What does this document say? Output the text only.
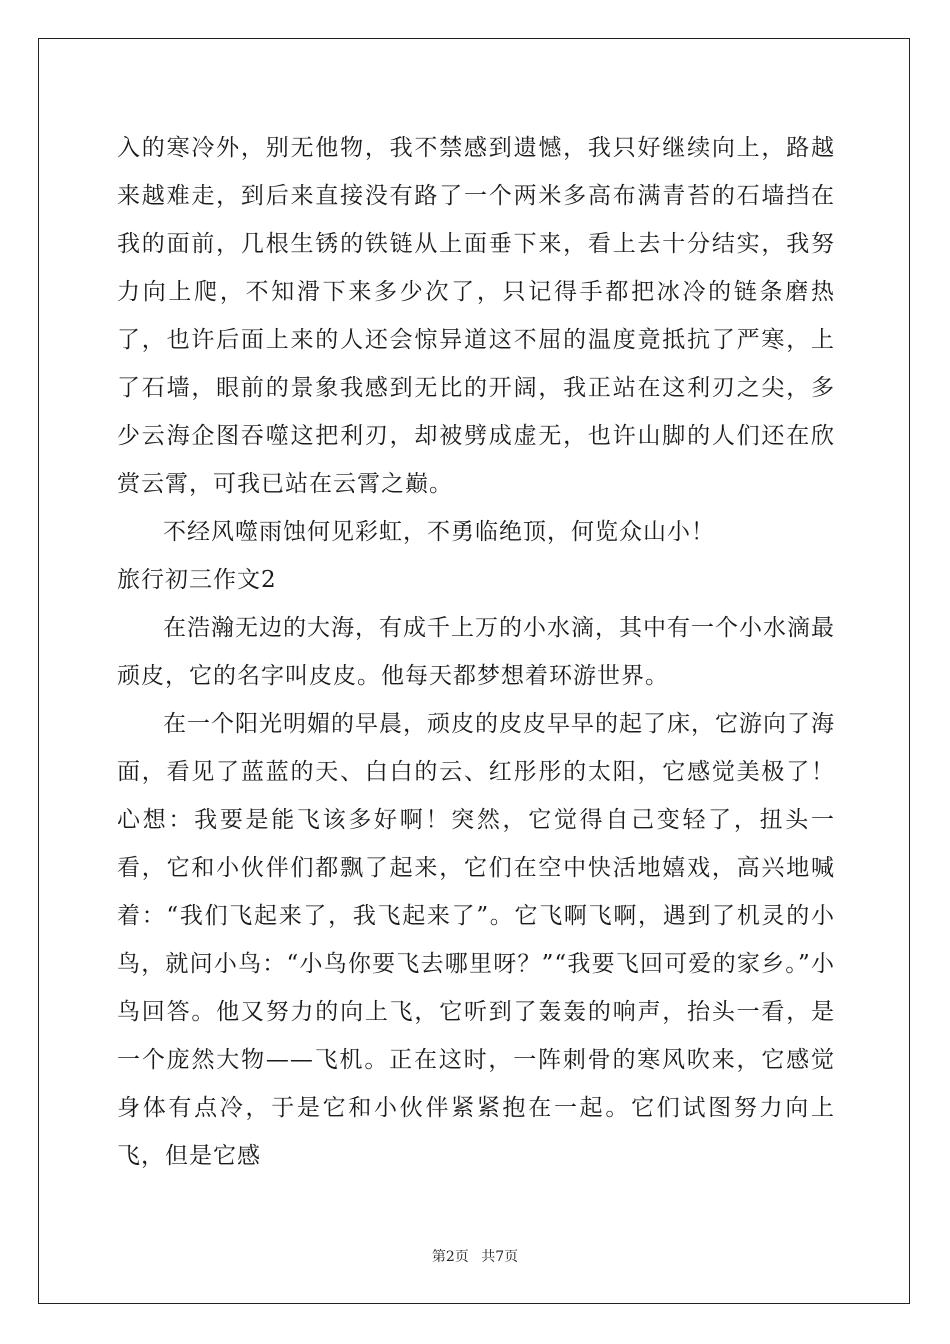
入的寒冷外，别无他物，我不禁感到遗憾，我只好继续向上，路越来越难走，到后来直接没有路了一个两米多高布满青苔的石墙挡在我的面前，几根生锈的铁链从上面垂下来，看上去十分结实，我努力向上爬，不知滑下来多少次了，只记得手都把冰冷的链条磨热了，也许后面上来的人还会惊异道这不屈的温度竟抵抗了严寒，上了石墙，眼前的景象我感到无比的开阔，我正站在这利刃之尖，多少云海企图吞噬这把利刃，却被劈成虚无，也许山脚的人们还在欣赏云霄，可我已站在云霄之巅。

不经风噬雨蚀何见彩虹，不勇临绝顶，何览众山小！

旅行初三作文2

在浩瀚无边的大海，有成千上万的小水滴，其中有一个小水滴最顽皮，它的名字叫皮皮。他每天都梦想着环游世界。

在一个阳光明媚的早晨，顽皮的皮皮早早的起了床，它游向了海面，看见了蓝蓝的天、白白的云、红彤彤的太阳，它感觉美极了！心想：我要是能飞该多好啊！突然，它觉得自己变轻了，扭头一看，它和小伙伴们都飘了起来，它们在空中快活地嬉戏，高兴地喊着：“我们飞起来了，我飞起来了”。它飞啊飞啊，遇到了机灵的小鸟，就问小鸟：“小鸟你要飞去哪里呀？”“我要飞回可爱的家乡。”小鸟回答。他又努力的向上飞，它听到了轰轰的响声，抬头一看，是一个庞然大物——飞机。正在这时，一阵刺骨的寒风吹来，它感觉身体有点冷，于是它和小伙伴紧紧抱在一起。它们试图努力向上飞，但是它感

第2页 共7页
